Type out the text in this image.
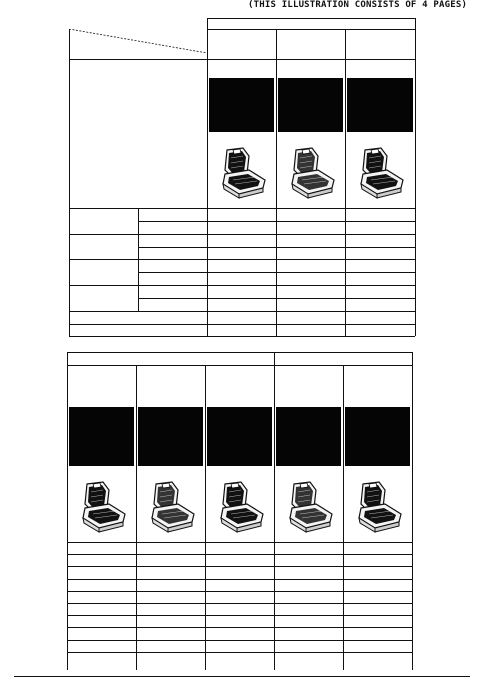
(THIS ILLUSTRATION CONSISTS OF 4 PAGES)
